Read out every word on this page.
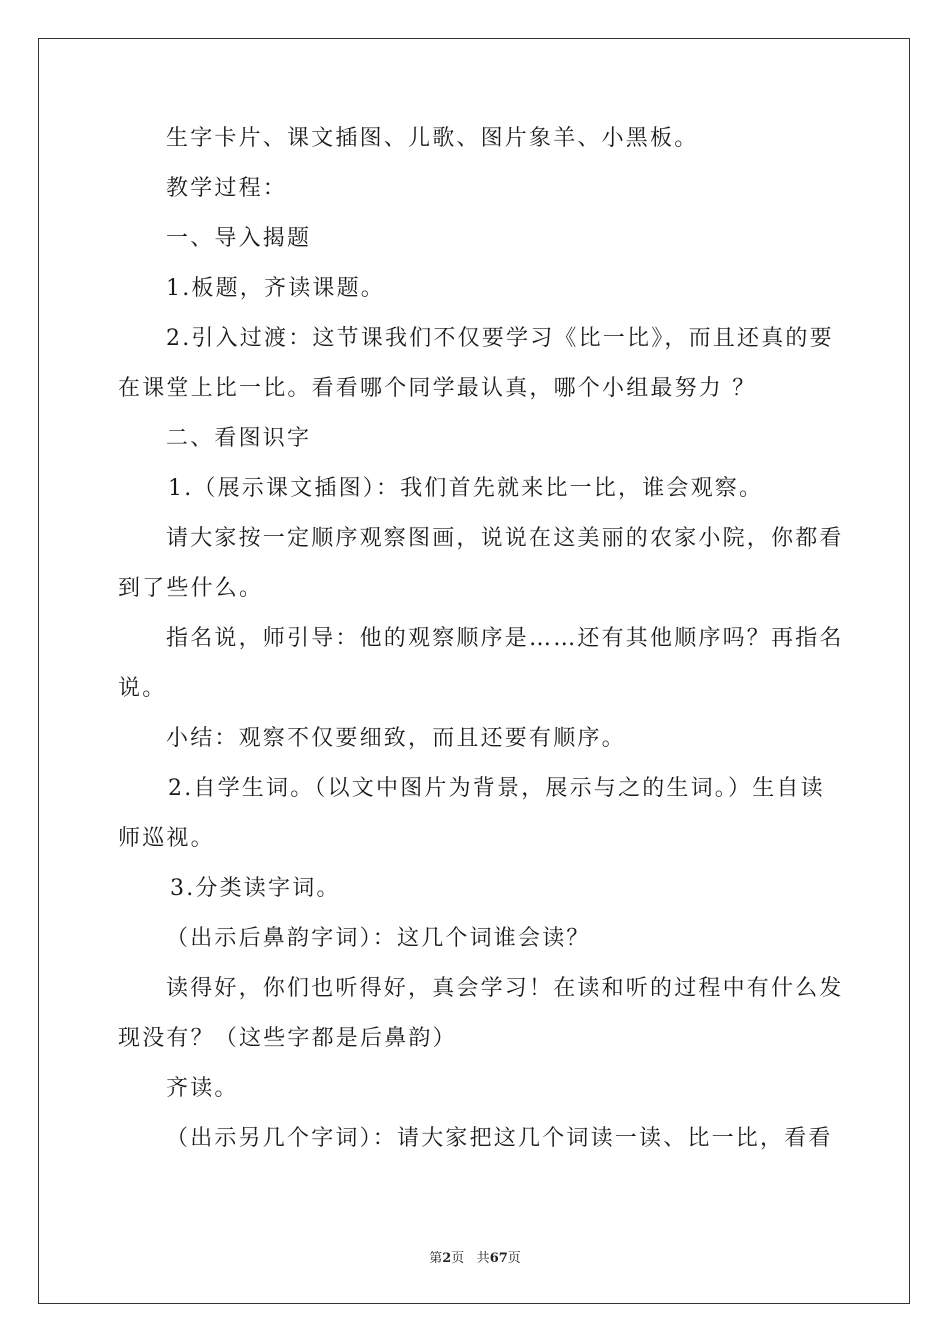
生字卡片、课文插图、儿歌、图片象羊、小黑板。
教学过程：
一、导入揭题
1.板题，齐读课题。
2.引入过渡：这节课我们不仅要学习《比一比》，而且还真的要
在课堂上比一比。看看哪个同学最认真，哪个小组最努力 ？
二、看图识字
1.（展示课文插图）：我们首先就来比一比，谁会观察。
请大家按一定顺序观察图画，说说在这美丽的农家小院，你都看
到了些什么。
指名说，师引导：他的观察顺序是……还有其他顺序吗？再指名
说。
小结：观察不仅要细致，而且还要有顺序。
2.自学生词。（以文中图片为背景，展示与之的生词。）生自读
师巡视。
3.分类读字词。
（出示后鼻韵字词）：这几个词谁会读？
读得好，你们也听得好，真会学习！在读和听的过程中有什么发
现没有？（这些字都是后鼻韵）
齐读。
（出示另几个字词）：请大家把这几个词读一读、比一比，看看
第2页 共67页
